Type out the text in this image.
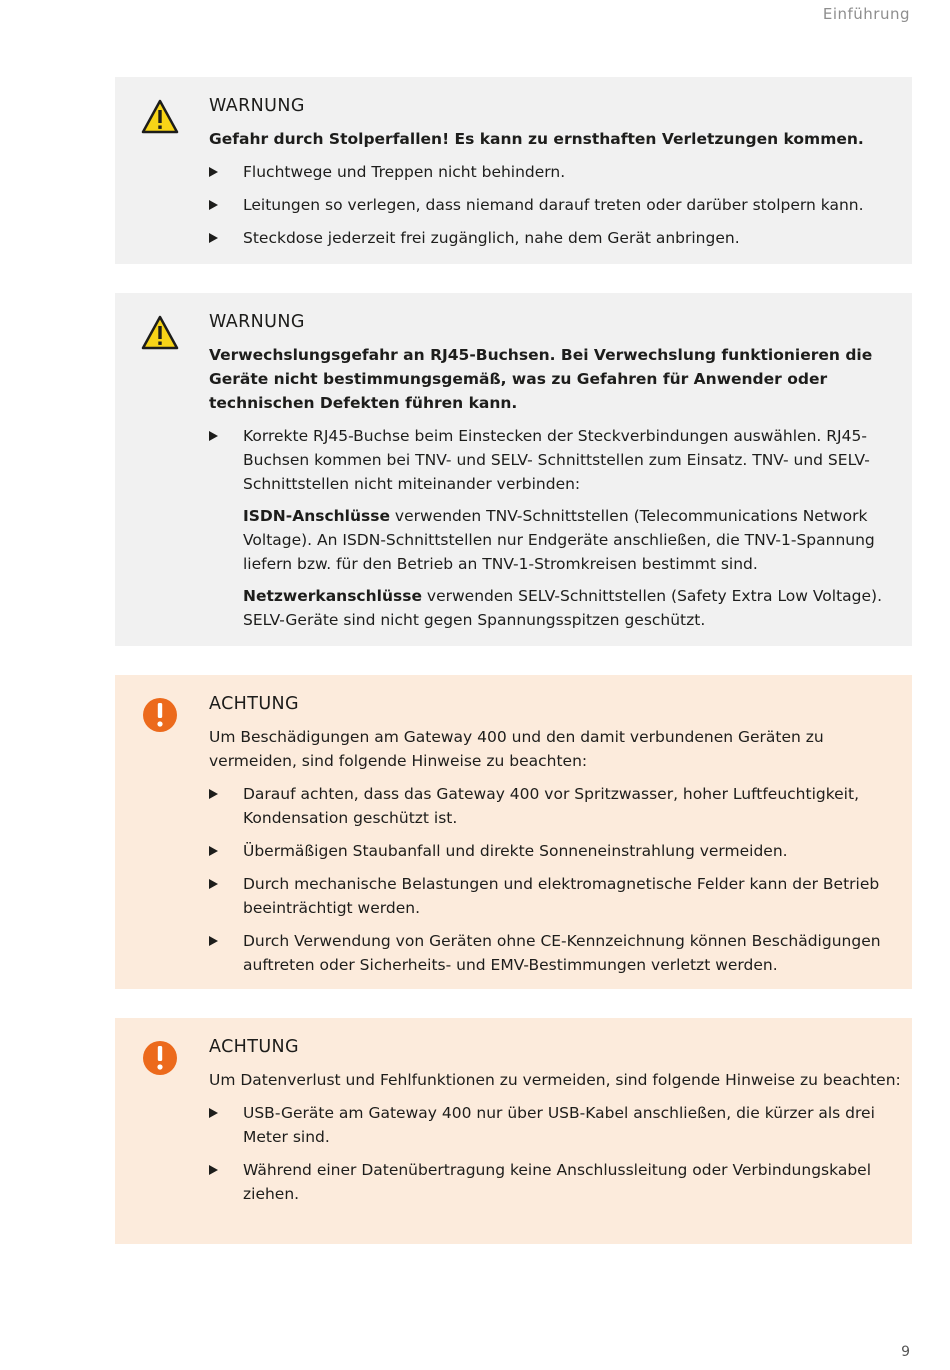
Einführung
WARNUNG
Gefahr durch Stolperfallen! Es kann zu ernsthaften Verletzungen kommen.
Fluchtwege und Treppen nicht behindern.
Leitungen so verlegen, dass niemand darauf treten oder darüber stolpern kann.
Steckdose jederzeit frei zugänglich, nahe dem Gerät anbringen.
WARNUNG
Verwechslungsgefahr an RJ45-Buchsen. Bei Verwechslung funktionieren die Geräte nicht bestimmungsgemäß, was zu Gefahren für Anwender oder technischen Defekten führen kann.
Korrekte RJ45-Buchse beim Einstecken der Steckverbindungen auswählen. RJ45-Buchsen kommen bei TNV- und SELV- Schnittstellen zum Einsatz. TNV- und SELV-Schnittstellen nicht miteinander verbinden:

ISDN-Anschlüsse verwenden TNV-Schnittstellen (Telecommunications Network Voltage). An ISDN-Schnittstellen nur Endgeräte anschließen, die TNV-1-Spannung liefern bzw. für den Betrieb an TNV-1-Stromkreisen bestimmt sind.

Netzwerkanschlüsse verwenden SELV-Schnittstellen (Safety Extra Low Voltage). SELV-Geräte sind nicht gegen Spannungsspitzen geschützt.

ACHTUNG
Um Beschädigungen am Gateway 400 und den damit verbundenen Geräten zu vermeiden, sind folgende Hinweise zu beachten:
Darauf achten, dass das Gateway 400 vor Spritzwasser, hoher Luftfeuchtigkeit, Kondensation geschützt ist.
Übermäßigen Staubanfall und direkte Sonneneinstrahlung vermeiden.
Durch mechanische Belastungen und elektromagnetische Felder kann der Betrieb beeinträchtigt werden.
Durch Verwendung von Geräten ohne CE-Kennzeichnung können Beschädigungen auftreten oder Sicherheits- und EMV-Bestimmungen verletzt werden.
ACHTUNG
Um Datenverlust und Fehlfunktionen zu vermeiden, sind folgende Hinweise zu beachten:
USB-Geräte am Gateway 400 nur über USB-Kabel anschließen, die kürzer als drei Meter sind.
Während einer Datenübertragung keine Anschlussleitung oder Verbindungskabel ziehen.
9
